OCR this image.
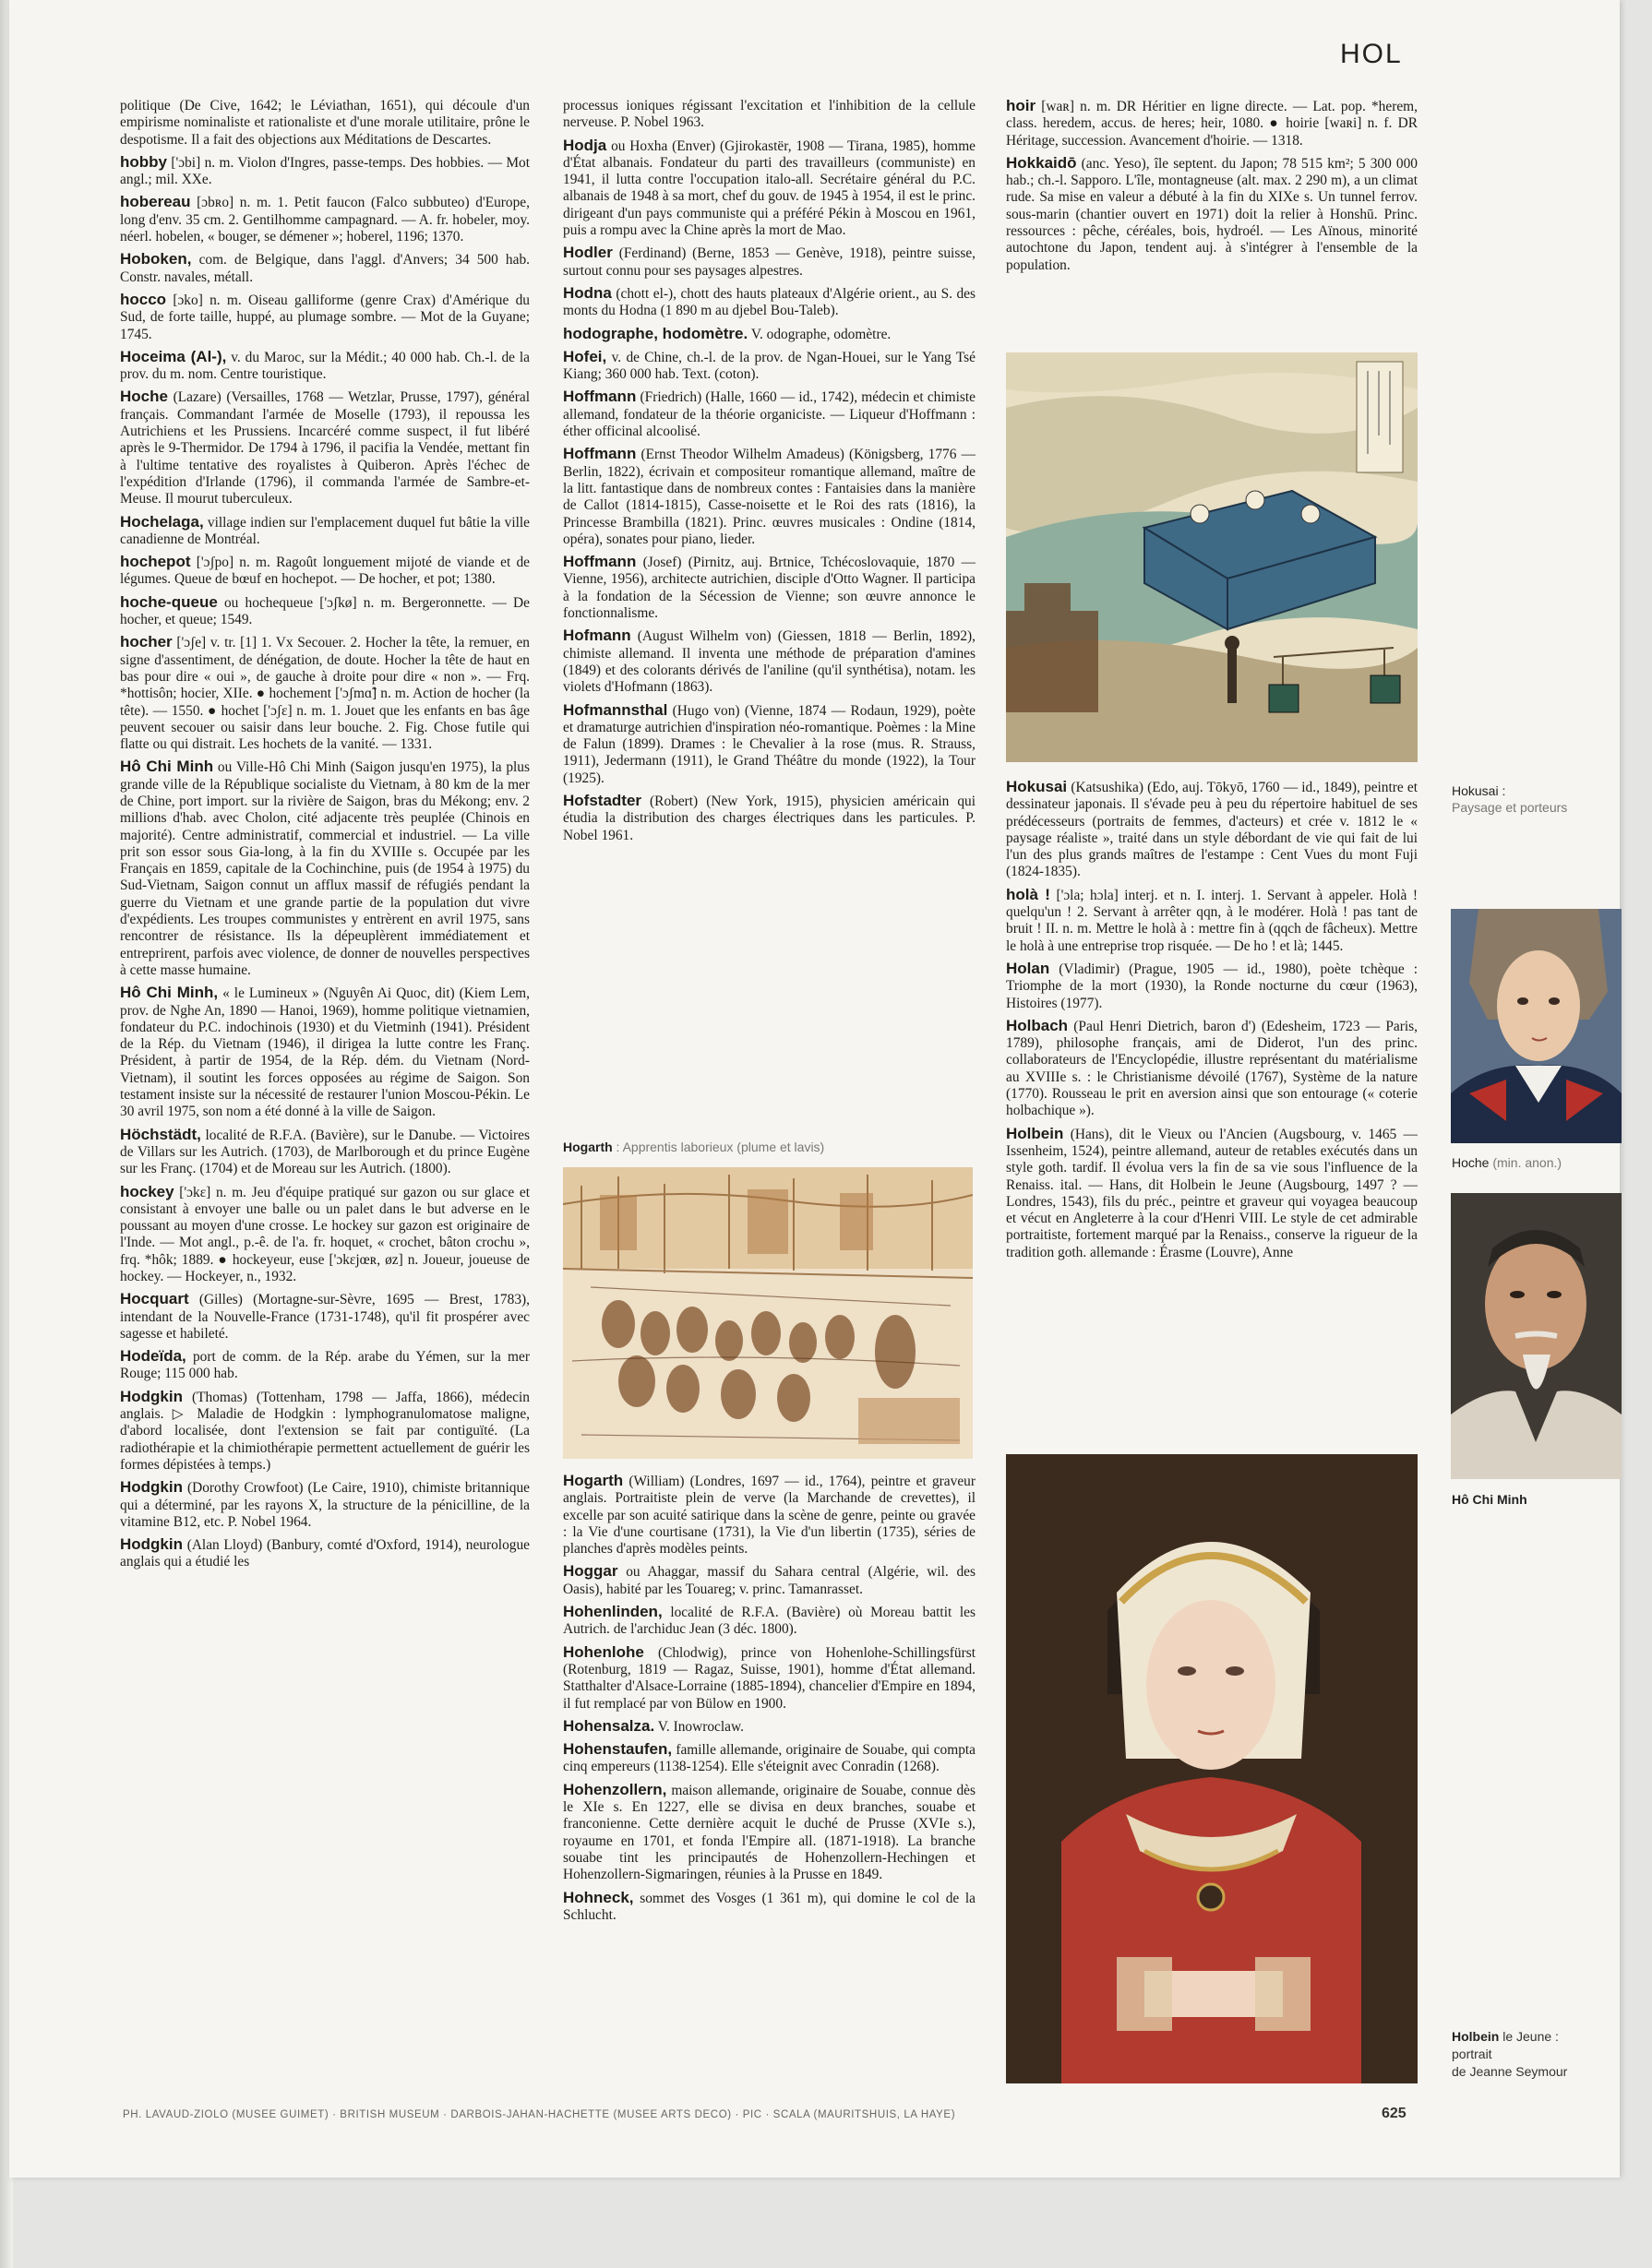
HOL

politique (De Cive, 1642; le Léviathan, 1651), qui découle d'un empirisme nominaliste et rationaliste et d'une morale utilitaire, prône le despotisme. Il a fait des objections aux Méditations de Descartes.

hobby ['ɔbi] n. m. Violon d'Ingres, passe-temps. Des hobbies. — Mot angl.; mil. XXe.

hobereau [ɔbʀo] n. m. 1. Petit faucon (Falco subbuteo) d'Europe, long d'env. 35 cm. 2. Gentilhomme campagnard. — A. fr. hobeler, moy. néerl. hobelen, « bouger, se démener »; hoberel, 1196; 1370.

Hoboken, com. de Belgique, dans l'aggl. d'Anvers; 34 500 hab. Constr. navales, métall.

hocco [ɔko] n. m. Oiseau galliforme (genre Crax) d'Amérique du Sud, de forte taille, huppé, au plumage sombre. — Mot de la Guyane; 1745.

Hoceima (Al-), v. du Maroc, sur la Médit.; 40 000 hab. Ch.-l. de la prov. du m. nom. Centre touristique.

Hoche (Lazare) (Versailles, 1768 — Wetzlar, Prusse, 1797), général français. Commandant l'armée de Moselle (1793), il repoussa les Autrichiens et les Prussiens. Incarcéré comme suspect, il fut libéré après le 9-Thermidor. De 1794 à 1796, il pacifia la Vendée, mettant fin à l'ultime tentative des royalistes à Quiberon. Après l'échec de l'expédition d'Irlande (1796), il commanda l'armée de Sambre-et-Meuse. Il mourut tuberculeux.

Hochelaga, village indien sur l'emplacement duquel fut bâtie la ville canadienne de Montréal.

hochepot ['ɔʃpo] n. m. Ragoût longuement mijoté de viande et de légumes. Queue de bœuf en hochepot. — De hocher, et pot; 1380.

hoche-queue ou hochequeue ['ɔʃkø] n. m. Bergeronnette. — De hocher, et queue; 1549.

hocher ['ɔʃe] v. tr. [1] 1. Vx Secouer. 2. Hocher la tête, la remuer, en signe d'assentiment, de dénégation, de doute. Hocher la tête de haut en bas pour dire « oui », de gauche à droite pour dire « non ». — Frq. *hottisôn; hocier, XIIe. ● hochement ['ɔʃmɑ̃] n. m. Action de hocher (la tête). — 1550. ● hochet ['ɔʃɛ] n. m. 1. Jouet que les enfants en bas âge peuvent secouer ou saisir dans leur bouche. 2. Fig. Chose futile qui flatte ou qui distrait. Les hochets de la vanité. — 1331.

Hô Chi Minh ou Ville-Hô Chi Minh (Saigon jusqu'en 1975), la plus grande ville de la République socialiste du Vietnam, à 80 km de la mer de Chine, port import. sur la rivière de Saigon, bras du Mékong; env. 2 millions d'hab. avec Cholon, cité adjacente très peuplée (Chinois en majorité). Centre administratif, commercial et industriel. — La ville prit son essor sous Gia-long, à la fin du XVIIIe s. Occupée par les Français en 1859, capitale de la Cochinchine, puis (de 1954 à 1975) du Sud-Vietnam, Saigon connut un afflux massif de réfugiés pendant la guerre du Vietnam et une grande partie de la population dut vivre d'expédients. Les troupes communistes y entrèrent en avril 1975, sans rencontrer de résistance. Ils la dépeuplèrent immédiatement et entreprirent, parfois avec violence, de donner de nouvelles perspectives à cette masse humaine.

Hô Chi Minh, « le Lumineux » (Nguyên Ai Quoc, dit) (Kiem Lem, prov. de Nghe An, 1890 — Hanoi, 1969), homme politique vietnamien, fondateur du P.C. indochinois (1930) et du Vietminh (1941). Président de la Rép. du Vietnam (1946), il dirigea la lutte contre les Franç. Président, à partir de 1954, de la Rép. dém. du Vietnam (Nord-Vietnam), il soutint les forces opposées au régime de Saigon. Son testament insiste sur la nécessité de restaurer l'union Moscou-Pékin. Le 30 avril 1975, son nom a été donné à la ville de Saigon.

Höchstädt, localité de R.F.A. (Bavière), sur le Danube. — Victoires de Villars sur les Autrich. (1703), de Marlborough et du prince Eugène sur les Franç. (1704) et de Moreau sur les Autrich. (1800).

hockey ['ɔkɛ] n. m. Jeu d'équipe pratiqué sur gazon ou sur glace et consistant à envoyer une balle ou un palet dans le but adverse en le poussant au moyen d'une crosse. Le hockey sur gazon est originaire de l'Inde. — Mot angl., p.-ê. de l'a. fr. hoquet, « crochet, bâton crochu », frq. *hôk; 1889. ● hockeyeur, euse ['ɔkɛjœʀ, øz] n. Joueur, joueuse de hockey. — Hockeyer, n., 1932.

Hocquart (Gilles) (Mortagne-sur-Sèvre, 1695 — Brest, 1783), intendant de la Nouvelle-France (1731-1748), qu'il fit prospérer avec sagesse et habileté.

Hodeïda, port de comm. de la Rép. arabe du Yémen, sur la mer Rouge; 115 000 hab.

Hodgkin (Thomas) (Tottenham, 1798 — Jaffa, 1866), médecin anglais. ▷ Maladie de Hodgkin : lymphogranulomatose maligne, d'abord localisée, dont l'extension se fait par contiguïté. (La radiothérapie et la chimiothérapie permettent actuellement de guérir les formes dépistées à temps.)

Hodgkin (Dorothy Crowfoot) (Le Caire, 1910), chimiste britannique qui a déterminé, par les rayons X, la structure de la pénicilline, de la vitamine B12, etc. P. Nobel 1964.

Hodgkin (Alan Lloyd) (Banbury, comté d'Oxford, 1914), neurologue anglais qui a étudié les

processus ioniques régissant l'excitation et l'inhibition de la cellule nerveuse. P. Nobel 1963.

Hodja ou Hoxha (Enver) (Gjirokastër, 1908 — Tirana, 1985), homme d'État albanais. Fondateur du parti des travailleurs (communiste) en 1941, il lutta contre l'occupation italo-all. Secrétaire général du P.C. albanais de 1948 à sa mort, chef du gouv. de 1945 à 1954, il est le princ. dirigeant d'un pays communiste qui a préféré Pékin à Moscou en 1961, puis a rompu avec la Chine après la mort de Mao.

Hodler (Ferdinand) (Berne, 1853 — Genève, 1918), peintre suisse, surtout connu pour ses paysages alpestres.

Hodna (chott el-), chott des hauts plateaux d'Algérie orient., au S. des monts du Hodna (1 890 m au djebel Bou-Taleb).

hodographe, hodomètre. V. odographe, odomètre.

Hofei, v. de Chine, ch.-l. de la prov. de Ngan-Houei, sur le Yang Tsé Kiang; 360 000 hab. Text. (coton).

Hoffmann (Friedrich) (Halle, 1660 — id., 1742), médecin et chimiste allemand, fondateur de la théorie organiciste. — Liqueur d'Hoffmann : éther officinal alcoolisé.

Hoffmann (Ernst Theodor Wilhelm Amadeus) (Königsberg, 1776 — Berlin, 1822), écrivain et compositeur romantique allemand, maître de la litt. fantastique dans de nombreux contes : Fantaisies dans la manière de Callot (1814-1815), Casse-noisette et le Roi des rats (1816), la Princesse Brambilla (1821). Princ. œuvres musicales : Ondine (1814, opéra), sonates pour piano, lieder.

Hoffmann (Josef) (Pirnitz, auj. Brtnice, Tchécoslovaquie, 1870 — Vienne, 1956), architecte autrichien, disciple d'Otto Wagner. Il participa à la fondation de la Sécession de Vienne; son œuvre annonce le fonctionnalisme.

Hofmann (August Wilhelm von) (Giessen, 1818 — Berlin, 1892), chimiste allemand. Il inventa une méthode de préparation d'amines (1849) et des colorants dérivés de l'aniline (qu'il synthétisa), notam. les violets d'Hofmann (1863).

Hofmannsthal (Hugo von) (Vienne, 1874 — Rodaun, 1929), poète et dramaturge autrichien d'inspiration néo-romantique. Poèmes : la Mine de Falun (1899). Drames : le Chevalier à la rose (mus. R. Strauss, 1911), Jedermann (1911), le Grand Théâtre du monde (1922), la Tour (1925).

Hofstadter (Robert) (New York, 1915), physicien américain qui étudia la distribution des charges électriques dans les particules. P. Nobel 1961.

Hogarth (William) (Londres, 1697 — id., 1764), peintre et graveur anglais. Portraitiste plein de verve (la Marchande de crevettes), il excelle par son acuité satirique dans la scène de genre, peinte ou gravée : la Vie d'une courtisane (1731), la Vie d'un libertin (1735), séries de planches d'après modèles peints.

Hoggar ou Ahaggar, massif du Sahara central (Algérie, wil. des Oasis), habité par les Touareg; v. princ. Tamanrasset.

Hohenlinden, localité de R.F.A. (Bavière) où Moreau battit les Autrich. de l'archiduc Jean (3 déc. 1800).

Hohenlohe (Chlodwig), prince von Hohenlohe-Schillingsfürst (Rotenburg, 1819 — Ragaz, Suisse, 1901), homme d'État allemand. Statthalter d'Alsace-Lorraine (1885-1894), chancelier d'Empire en 1894, il fut remplacé par von Bülow en 1900.

Hohensalza. V. Inowroclaw.

Hohenstaufen, famille allemande, originaire de Souabe, qui compta cinq empereurs (1138-1254). Elle s'éteignit avec Conradin (1268).

Hohenzollern, maison allemande, originaire de Souabe, connue dès le XIe s. En 1227, elle se divisa en deux branches, souabe et franconienne. Cette dernière acquit le duché de Prusse (XVIe s.), royaume en 1701, et fonda l'Empire all. (1871-1918). La branche souabe tint les principautés de Hohenzollern-Hechingen et Hohenzollern-Sigmaringen, réunies à la Prusse en 1849.

Hohneck, sommet des Vosges (1 361 m), qui domine le col de la Schlucht.

hoir [waʀ] n. m. DR Héritier en ligne directe. — Lat. pop. *herem, class. heredem, accus. de heres; heir, 1080. ● hoirie [waʀi] n. f. DR Héritage, succession. Avancement d'hoirie. — 1318.

Hokkaidō (anc. Yeso), île septent. du Japon; 78 515 km²; 5 300 000 hab.; ch.-l. Sapporo. L'île, montagneuse (alt. max. 2 290 m), a un climat rude. Sa mise en valeur a débuté à la fin du XIXe s. Un tunnel ferrov. sous-marin (chantier ouvert en 1971) doit la relier à Honshū. Princ. ressources : pêche, céréales, bois, hydroél. — Les Aïnous, minorité autochtone du Japon, tendent auj. à s'intégrer à l'ensemble de la population.

Hokusai (Katsushika) (Edo, auj. Tōkyō, 1760 — id., 1849), peintre et dessinateur japonais. Il s'évade peu à peu du répertoire habituel de ses prédécesseurs (portraits de femmes, d'acteurs) et crée v. 1812 le « paysage réaliste », traité dans un style débordant de vie qui fait de lui l'un des plus grands maîtres de l'estampe : Cent Vues du mont Fuji (1824-1835).

holà ! ['ɔla; hɔla] interj. et n. I. interj. 1. Servant à appeler. Holà ! quelqu'un ! 2. Servant à arrêter qqn, à le modérer. Holà ! pas tant de bruit ! II. n. m. Mettre le holà à : mettre fin à (qqch de fâcheux). Mettre le holà à une entreprise trop risquée. — De ho ! et là; 1445.

Holan (Vladimir) (Prague, 1905 — id., 1980), poète tchèque : Triomphe de la mort (1930), la Ronde nocturne du cœur (1963), Histoires (1977).

Holbach (Paul Henri Dietrich, baron d') (Edesheim, 1723 — Paris, 1789), philosophe français, ami de Diderot, l'un des princ. collaborateurs de l'Encyclopédie, illustre représentant du matérialisme au XVIIIe s. : le Christianisme dévoilé (1767), Système de la nature (1770). Rousseau le prit en aversion ainsi que son entourage (« coterie holbachique »).

Holbein (Hans), dit le Vieux ou l'Ancien (Augsbourg, v. 1465 — Issenheim, 1524), peintre allemand, auteur de retables exécutés dans un style goth. tardif. Il évolua vers la fin de sa vie sous l'influence de la Renaiss. ital. — Hans, dit Holbein le Jeune (Augsbourg, 1497 ? — Londres, 1543), fils du préc., peintre et graveur qui voyagea beaucoup et vécut en Angleterre à la cour d'Henri VIII. Le style de cet admirable portraitiste, fortement marqué par la Renaiss., conserve la rigueur de la tradition goth. allemande : Érasme (Louvre), Anne

Hogarth : Apprentis laborieux (plume et lavis)
Hokusai :
Paysage et porteurs
Hoche (min. anon.)
Hô Chi Minh
Holbein le Jeune :
portrait
de Jeanne Seymour
PH. LAVAUD-ZIOLO (MUSEE GUIMET) · BRITISH MUSEUM · DARBOIS-JAHAN-HACHETTE (MUSEE ARTS DECO) · PIC · SCALA (MAURITSHUIS, LA HAYE)	625
